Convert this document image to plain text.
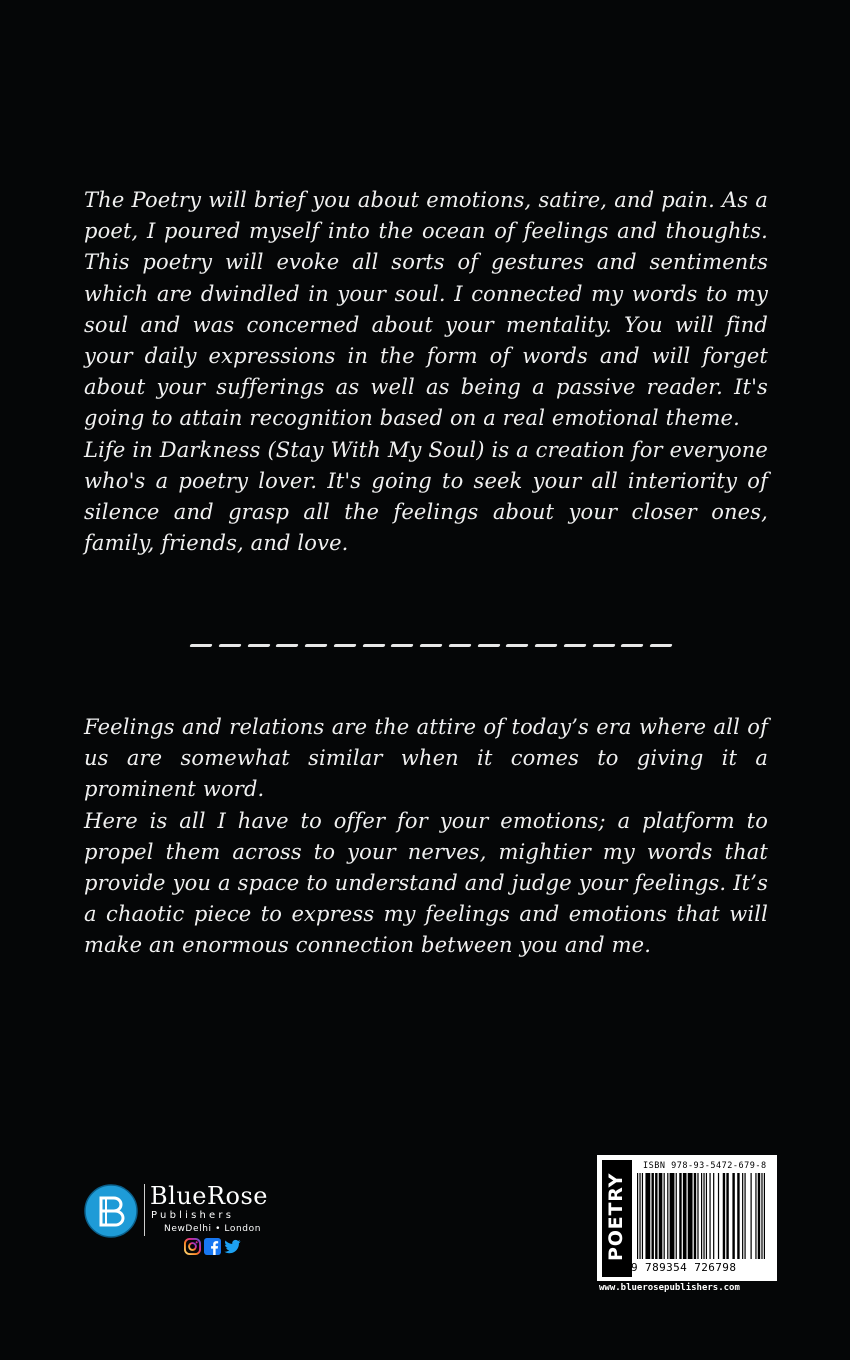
The Poetry will brief you about emotions, satire, and pain. As a poet, I poured myself into the ocean of feelings and thoughts. This poetry will evoke all sorts of gestures and sentiments which are dwindled in your soul. I connected my words to my soul and was concerned about your mentality. You will find your daily expressions in the form of words and will forget about your sufferings as well as being a passive reader. It's going to attain recognition based on a real emotional theme.

Life in Darkness (Stay With My Soul) is a creation for everyone who's a poetry lover. It's going to seek your all interiority of silence and grasp all the feelings about your closer ones, family, friends, and love.

Feelings and relations are the attire of today’s era where all of us are somewhat similar when it comes to giving it a prominent word.

Here is all I have to offer for your emotions; a platform to propel them across to your nerves, mightier my words that provide you a space to understand and judge your feelings. It’s a chaotic piece to express my feelings and emotions that will make an enormous connection between you and me.

BlueRose
Publishers
NewDelhi • London	POETRY
ISBN 978-93-5472-679-8
9 789354 726798
www.bluerosepublishers.com
